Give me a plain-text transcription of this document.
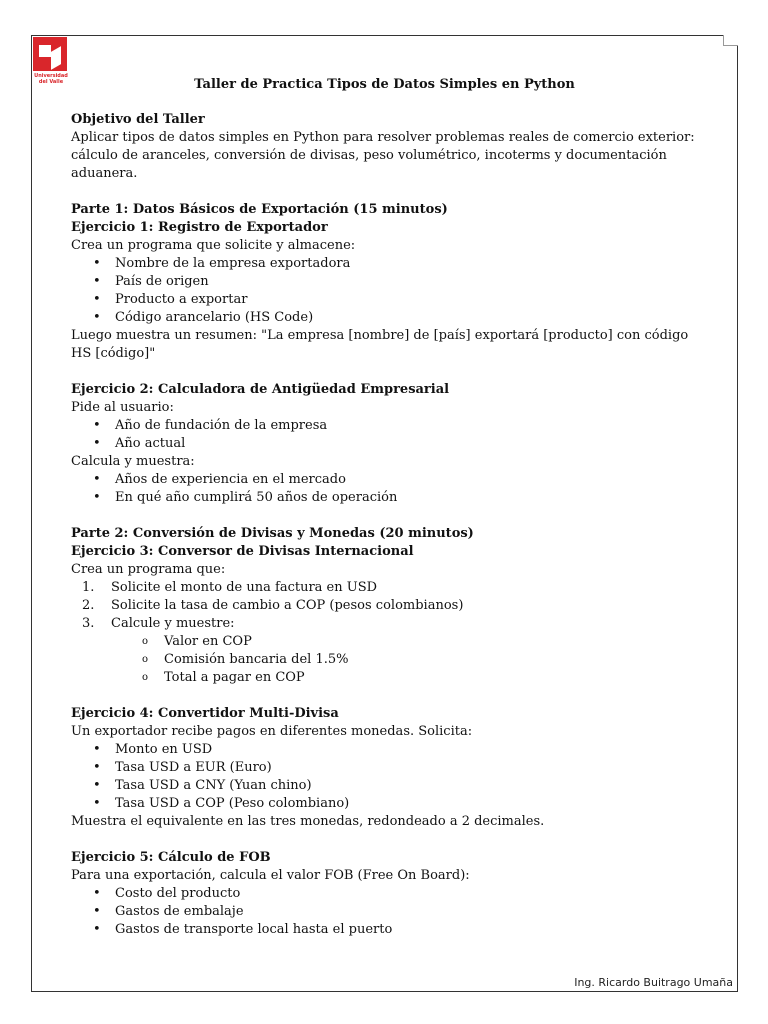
Universidad
del Valle	Taller de Practica Tipos de Datos Simples en Python
Objetivo del Taller
Aplicar tipos de datos simples en Python para resolver problemas reales de comercio exterior: cálculo de aranceles, conversión de divisas, peso volumétrico, incoterms y documentación aduanera.
Parte 1: Datos Básicos de Exportación (15 minutos)
Ejercicio 1: Registro de Exportador
Crea un programa que solicite y almacene:
• Nombre de la empresa exportadora
• País de origen
• Producto a exportar
• Código arancelario (HS Code)
Luego muestra un resumen: "La empresa [nombre] de [país] exportará [producto] con código HS [código]"
Ejercicio 2: Calculadora de Antigüedad Empresarial
Pide al usuario:
• Año de fundación de la empresa
• Año actual
Calcula y muestra:
• Años de experiencia en el mercado
• En qué año cumplirá 50 años de operación
Parte 2: Conversión de Divisas y Monedas (20 minutos)
Ejercicio 3: Conversor de Divisas Internacional
Crea un programa que:
1. Solicite el monto de una factura en USD
2. Solicite la tasa de cambio a COP (pesos colombianos)
3. Calcule y muestre:
o Valor en COP
o Comisión bancaria del 1.5%
o Total a pagar en COP
Ejercicio 4: Convertidor Multi-Divisa
Un exportador recibe pagos en diferentes monedas. Solicita:
• Monto en USD
• Tasa USD a EUR (Euro)
• Tasa USD a CNY (Yuan chino)
• Tasa USD a COP (Peso colombiano)
Muestra el equivalente en las tres monedas, redondeado a 2 decimales.
Ejercicio 5: Cálculo de FOB
Para una exportación, calcula el valor FOB (Free On Board):
• Costo del producto
• Gastos de embalaje
• Gastos de transporte local hasta el puerto
Ing. Ricardo Buitrago Umaña
